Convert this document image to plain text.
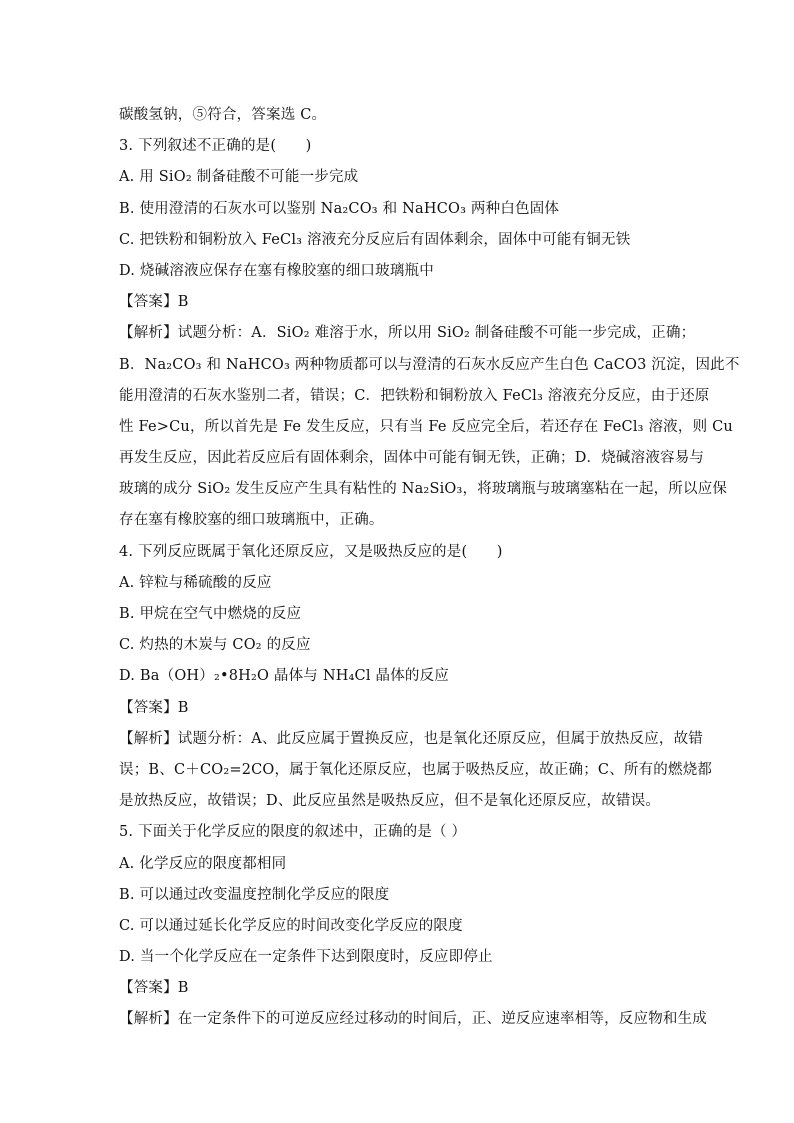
碳酸氢钠，⑤符合，答案选 C。
3. 下列叙述不正确的是(　　)
A. 用 SiO₂ 制备硅酸不可能一步完成
B. 使用澄清的石灰水可以鉴别 Na₂CO₃ 和 NaHCO₃ 两种白色固体
C. 把铁粉和铜粉放入 FeCl₃ 溶液充分反应后有固体剩余，固体中可能有铜无铁
D. 烧碱溶液应保存在塞有橡胶塞的细口玻璃瓶中
【答案】B
【解析】试题分析：A．SiO₂ 难溶于水，所以用 SiO₂ 制备硅酸不可能一步完成，正确；
B．Na₂CO₃ 和 NaHCO₃ 两种物质都可以与澄清的石灰水反应产生白色 CaCO3 沉淀，因此不
能用澄清的石灰水鉴别二者，错误；C．把铁粉和铜粉放入 FeCl₃ 溶液充分反应，由于还原
性 Fe>Cu，所以首先是 Fe 发生反应，只有当 Fe 反应完全后，若还存在 FeCl₃ 溶液，则 Cu
再发生反应，因此若反应后有固体剩余，固体中可能有铜无铁，正确；D．烧碱溶液容易与
玻璃的成分 SiO₂ 发生反应产生具有粘性的 Na₂SiO₃，将玻璃瓶与玻璃塞粘在一起，所以应保
存在塞有橡胶塞的细口玻璃瓶中，正确。
4. 下列反应既属于氧化还原反应，又是吸热反应的是(　　)
A. 锌粒与稀硫酸的反应
B. 甲烷在空气中燃烧的反应
C. 灼热的木炭与 CO₂ 的反应
D. Ba（OH）₂•8H₂O 晶体与 NH₄Cl 晶体的反应
【答案】B
【解析】试题分析：A、此反应属于置换反应，也是氧化还原反应，但属于放热反应，故错
误；B、C＋CO₂=2CO，属于氧化还原反应，也属于吸热反应，故正确；C、所有的燃烧都
是放热反应，故错误；D、此反应虽然是吸热反应，但不是氧化还原反应，故错误。
5. 下面关于化学反应的限度的叙述中，正确的是（ ）
A. 化学反应的限度都相同
B. 可以通过改变温度控制化学反应的限度
C. 可以通过延长化学反应的时间改变化学反应的限度
D. 当一个化学反应在一定条件下达到限度时，反应即停止
【答案】B
【解析】在一定条件下的可逆反应经过移动的时间后，正、逆反应速率相等，反应物和生成
